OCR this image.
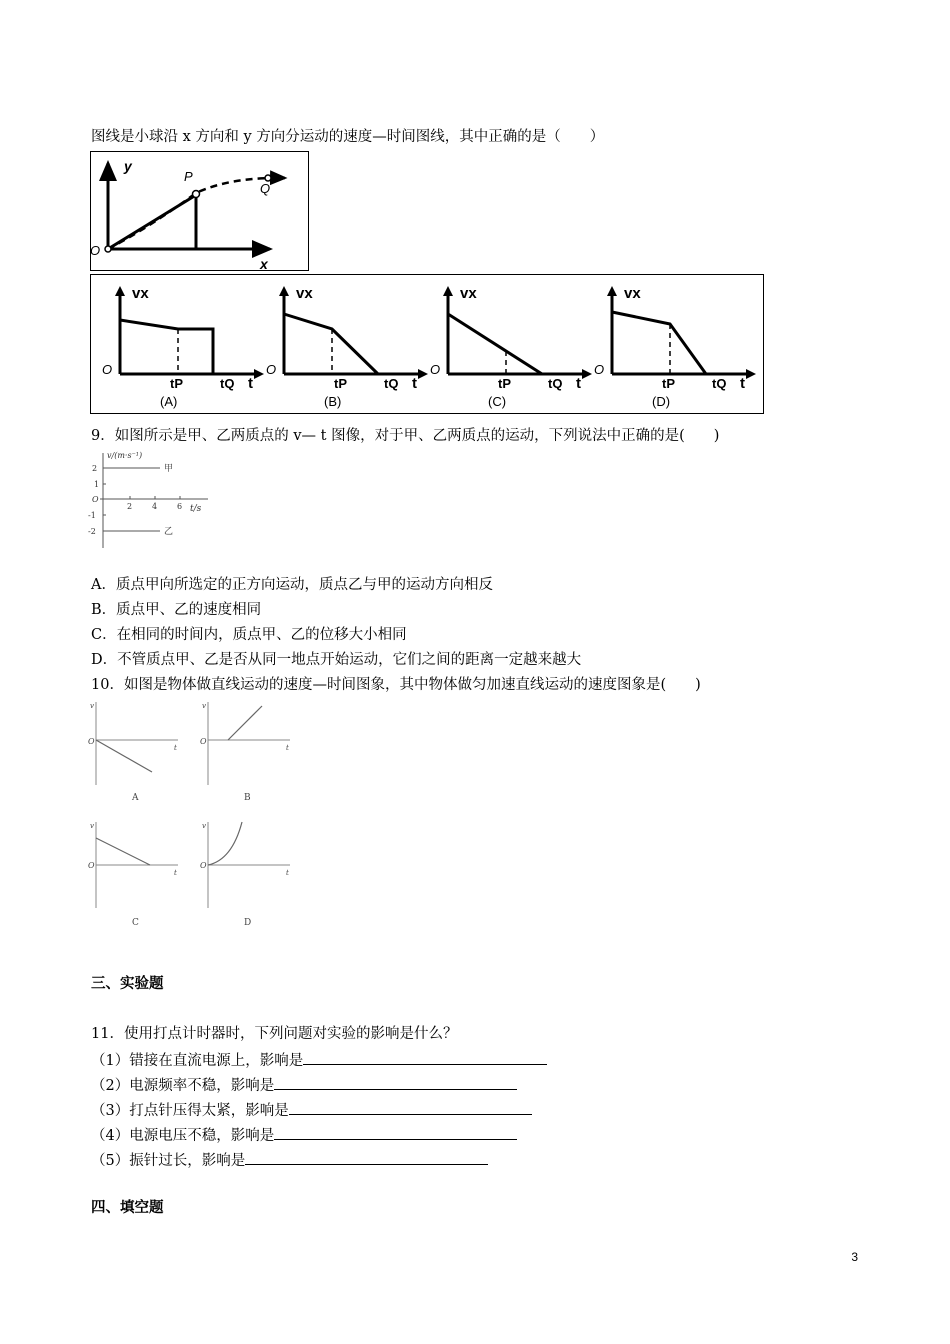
图线是小球沿 x 方向和 y 方向分运动的速度—时间图线，其中正确的是（　　）
y
x
O
P
Q
vx
O
tP	tQ t
(A)
vx
O
tP	tQ t
(B)
vx
O
tP	tQ t
(C)
vx
O
tP	tQ t
(D)
9．如图所示是甲、乙两质点的 v— t 图像，对于甲、乙两质点的运动，下列说法中正确的是(　　)
v/(m·s⁻¹)
t/s
2
1
O
-1
-2
2 4 6
甲
乙
A．质点甲向所选定的正方向运动，质点乙与甲的运动方向相反
B．质点甲、乙的速度相同
C．在相同的时间内，质点甲、乙的位移大小相同
D．不管质点甲、乙是否从同一地点开始运动，它们之间的距离一定越来越大
10．如图是物体做直线运动的速度—时间图象，其中物体做匀加速直线运动的速度图象是(　　)
v
O
t
A
v
O
t
B
v
O
t
C
v
O
t
D
三、实验题
11．使用打点计时器时，下列问题对实验的影响是什么？
（1）错接在直流电源上，影响是
（2）电源频率不稳，影响是
（3）打点针压得太紧，影响是
（4）电源电压不稳，影响是
（5）振针过长，影响是
四、填空题
3
